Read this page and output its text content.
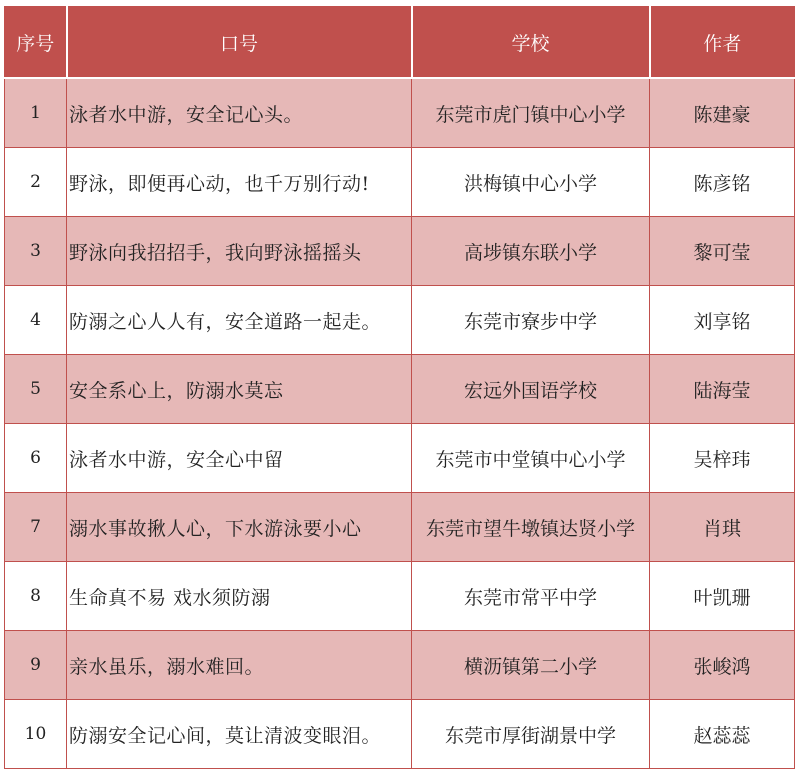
序号	口号	学校	作者
1	泳者水中游，安全记心头。	东莞市虎门镇中心小学	陈建豪
2	野泳，即便再心动，也千万别行动!	洪梅镇中心小学	陈彦铭
3	野泳向我招招手，我向野泳摇摇头	高埗镇东联小学	黎可莹
4	防溺之心人人有，安全道路一起走。	东莞市寮步中学	刘享铭
5	安全系心上，防溺水莫忘	宏远外国语学校	陆海莹
6	泳者水中游，安全心中留	东莞市中堂镇中心小学	吴梓玮
7	溺水事故揪人心，下水游泳要小心	东莞市望牛墩镇达贤小学	肖琪
8	生命真不易 戏水须防溺	东莞市常平中学	叶凯珊
9	亲水虽乐，溺水难回。	横沥镇第二小学	张峻鸿
10	防溺安全记心间，莫让清波变眼泪。	东莞市厚街湖景中学	赵蕊蕊
